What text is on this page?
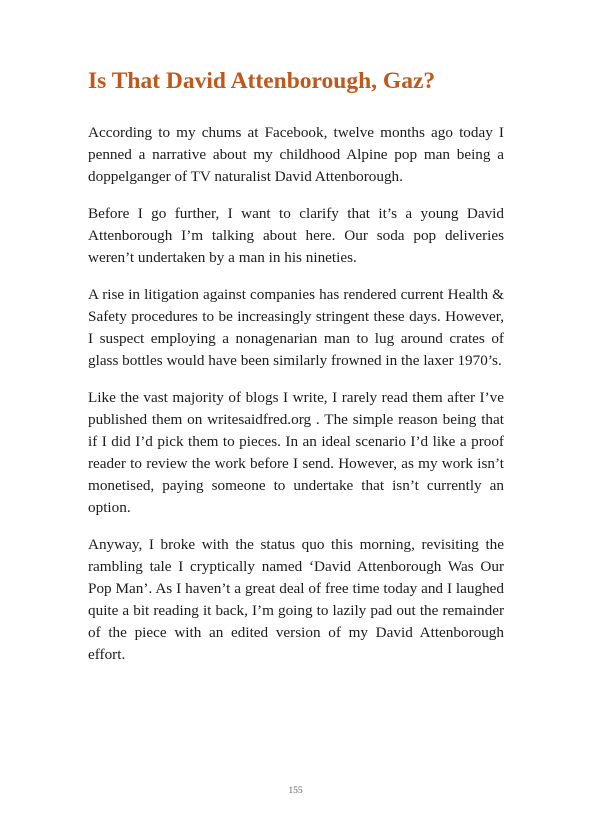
Is That David Attenborough, Gaz?

According to my chums at Facebook, twelve months ago today I penned a narrative about my childhood Alpine pop man being a doppelganger of TV naturalist David Attenborough.

Before I go further, I want to clarify that it’s a young David Attenborough I’m talking about here. Our soda pop deliveries weren’t undertaken by a man in his nineties.

A rise in litigation against companies has rendered current Health & Safety procedures to be increasingly stringent these days. However, I suspect employing a nonagenarian man to lug around crates of glass bottles would have been similarly frowned in the laxer 1970’s.

Like the vast majority of blogs I write, I rarely read them after I’ve published them on writesaidfred.org . The simple reason being that if I did I’d pick them to pieces. In an ideal scenario I’d like a proof reader to review the work before I send. However, as my work isn’t monetised, paying someone to undertake that isn’t currently an option.

Anyway, I broke with the status quo this morning, revisiting the rambling tale I cryptically named ‘David Attenborough Was Our Pop Man’. As I haven’t a great deal of free time today and I laughed quite a bit reading it back, I’m going to lazily pad out the remainder of the piece with an edited version of my David Attenborough effort.

155
